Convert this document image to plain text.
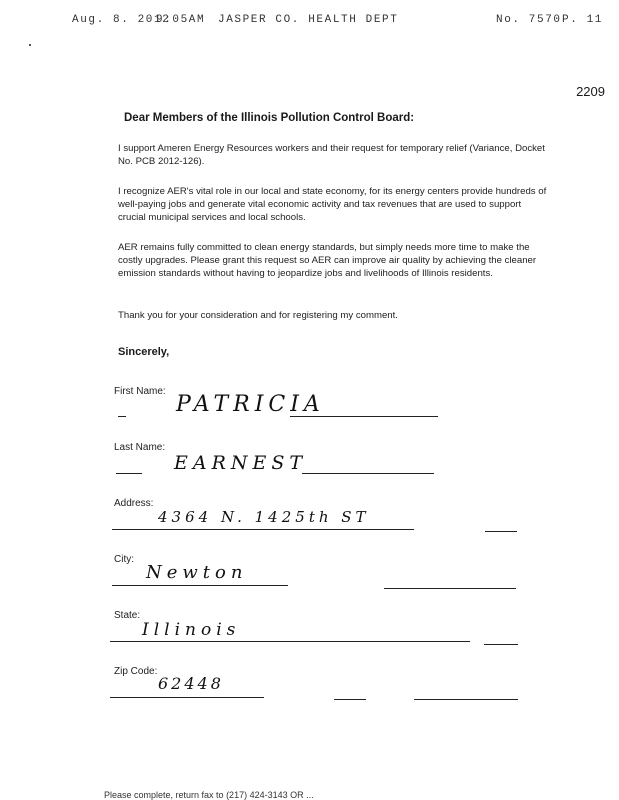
Aug. 8. 2012
9:05AM JASPER CO. HEALTH DEPT	No. 7570 P. 11
2209
Dear Members of the Illinois Pollution Control Board:

I support Ameren Energy Resources workers and their request for temporary relief (Variance, Docket No. PCB 2012-126).

I recognize AER's vital role in our local and state economy, for its energy centers provide hundreds of well-paying jobs and generate vital economic activity and tax revenues that are used to support crucial municipal services and local schools.

AER remains fully committed to clean energy standards, but simply needs more time to make the costly upgrades. Please grant this request so AER can improve air quality by achieving the cleaner emission standards without having to jeopardize jobs and livelihoods of Illinois residents.

Thank you for your consideration and for registering my comment.

Sincerely,
First Name:
PATRICIA
Last Name:
EARNEST
Address:
4364 N. 1425th ST
City:
Newton
State:
Illinois
Zip Code:
62448
Please complete, return fax to (217) 424-3143 OR ...
